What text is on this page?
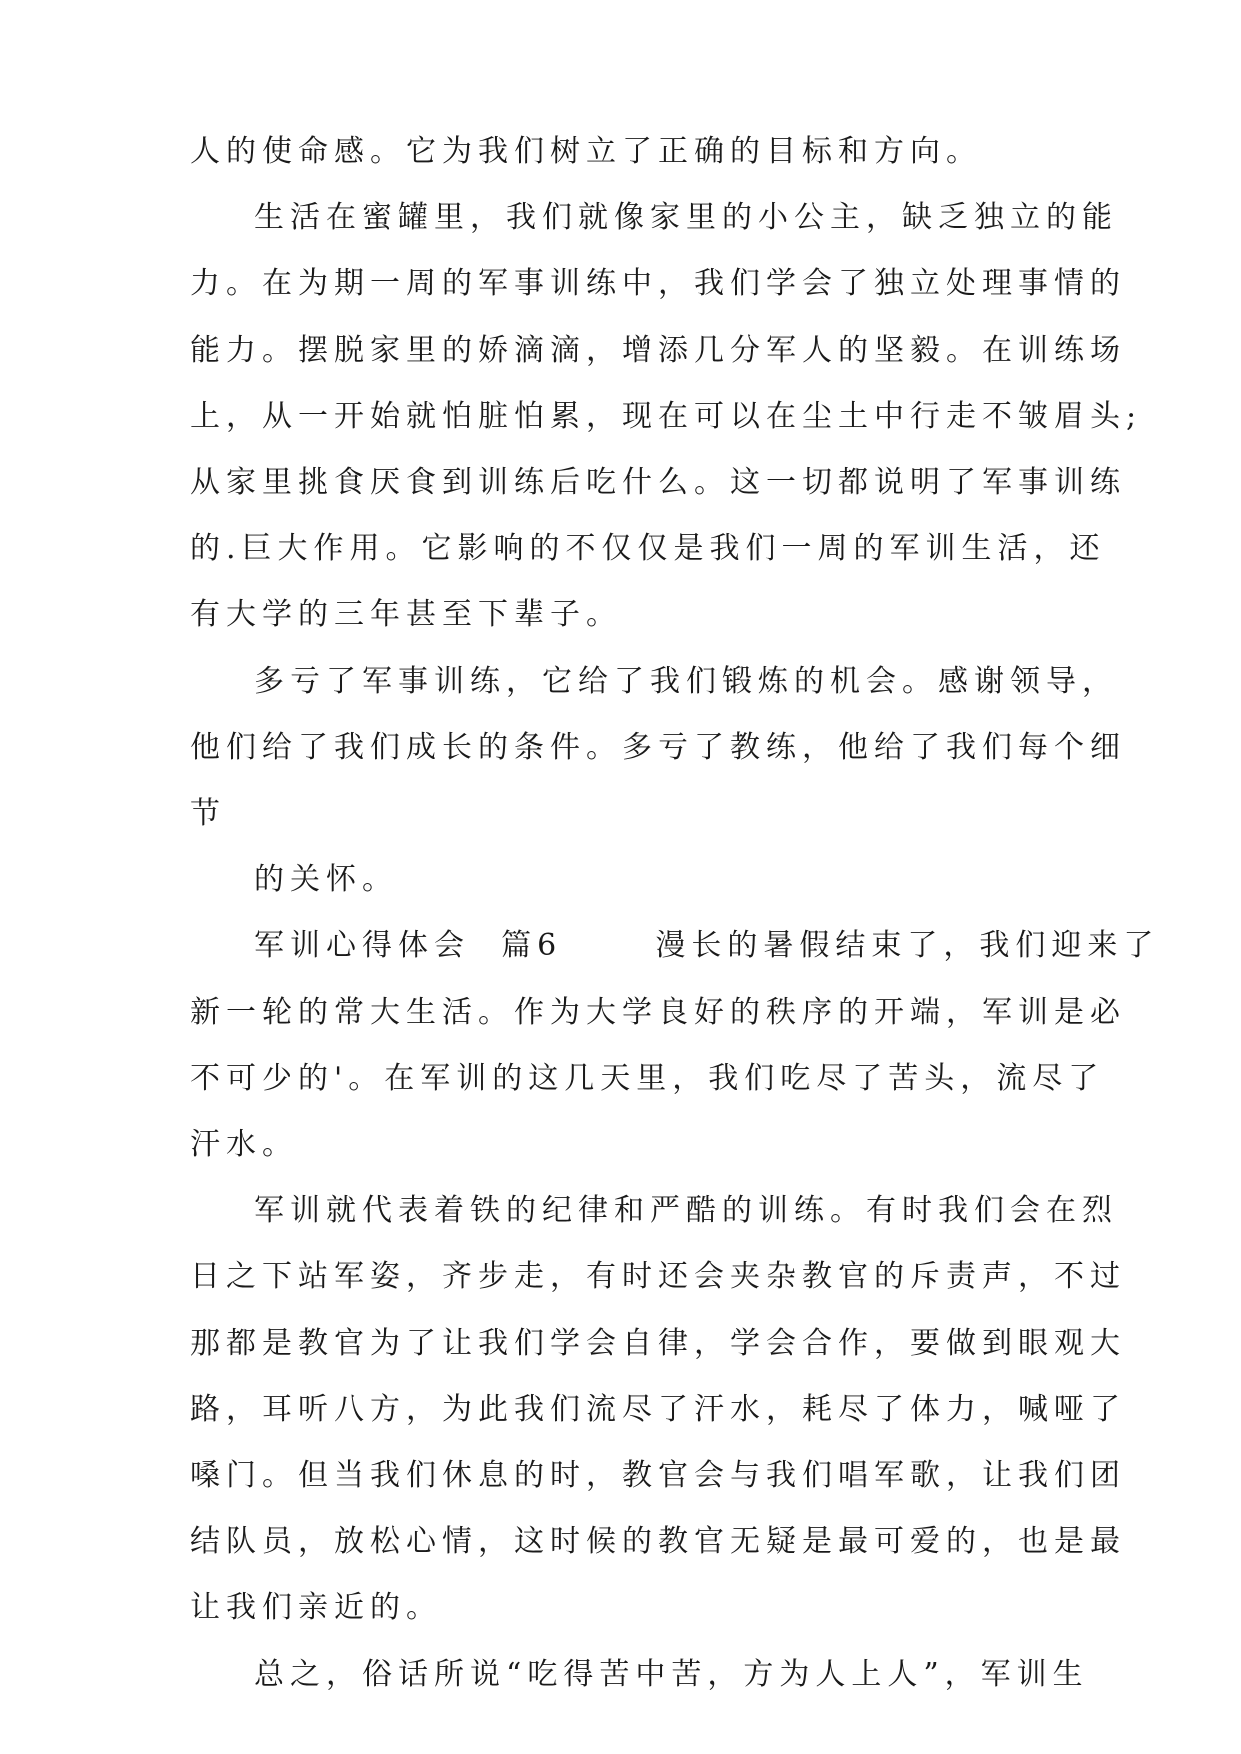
人的使命感。它为我们树立了正确的目标和方向。
生活在蜜罐里，我们就像家里的小公主，缺乏独立的能
力。在为期一周的军事训练中，我们学会了独立处理事情的
能力。摆脱家里的娇滴滴，增添几分军人的坚毅。在训练场
上，从一开始就怕脏怕累，现在可以在尘土中行走不皱眉头;
从家里挑食厌食到训练后吃什么。这一切都说明了军事训练
的.巨大作用。它影响的不仅仅是我们一周的军训生活，还
有大学的三年甚至下辈子。
多亏了军事训练，它给了我们锻炼的机会。感谢领导，
他们给了我们成长的条件。多亏了教练，他给了我们每个细
节
的关怀。
军训心得体会  篇6      漫长的暑假结束了，我们迎来了
新一轮的常大生活。作为大学良好的秩序的开端，军训是必
不可少的'。在军训的这几天里，我们吃尽了苦头，流尽了
汗水。
军训就代表着铁的纪律和严酷的训练。有时我们会在烈
日之下站军姿，齐步走，有时还会夹杂教官的斥责声，不过
那都是教官为了让我们学会自律，学会合作，要做到眼观大
路，耳听八方，为此我们流尽了汗水，耗尽了体力，喊哑了
嗓门。但当我们休息的时，教官会与我们唱军歌，让我们团
结队员，放松心情，这时候的教官无疑是最可爱的，也是最
让我们亲近的。
总之，俗话所说“吃得苦中苦，方为人上人”，军训生
